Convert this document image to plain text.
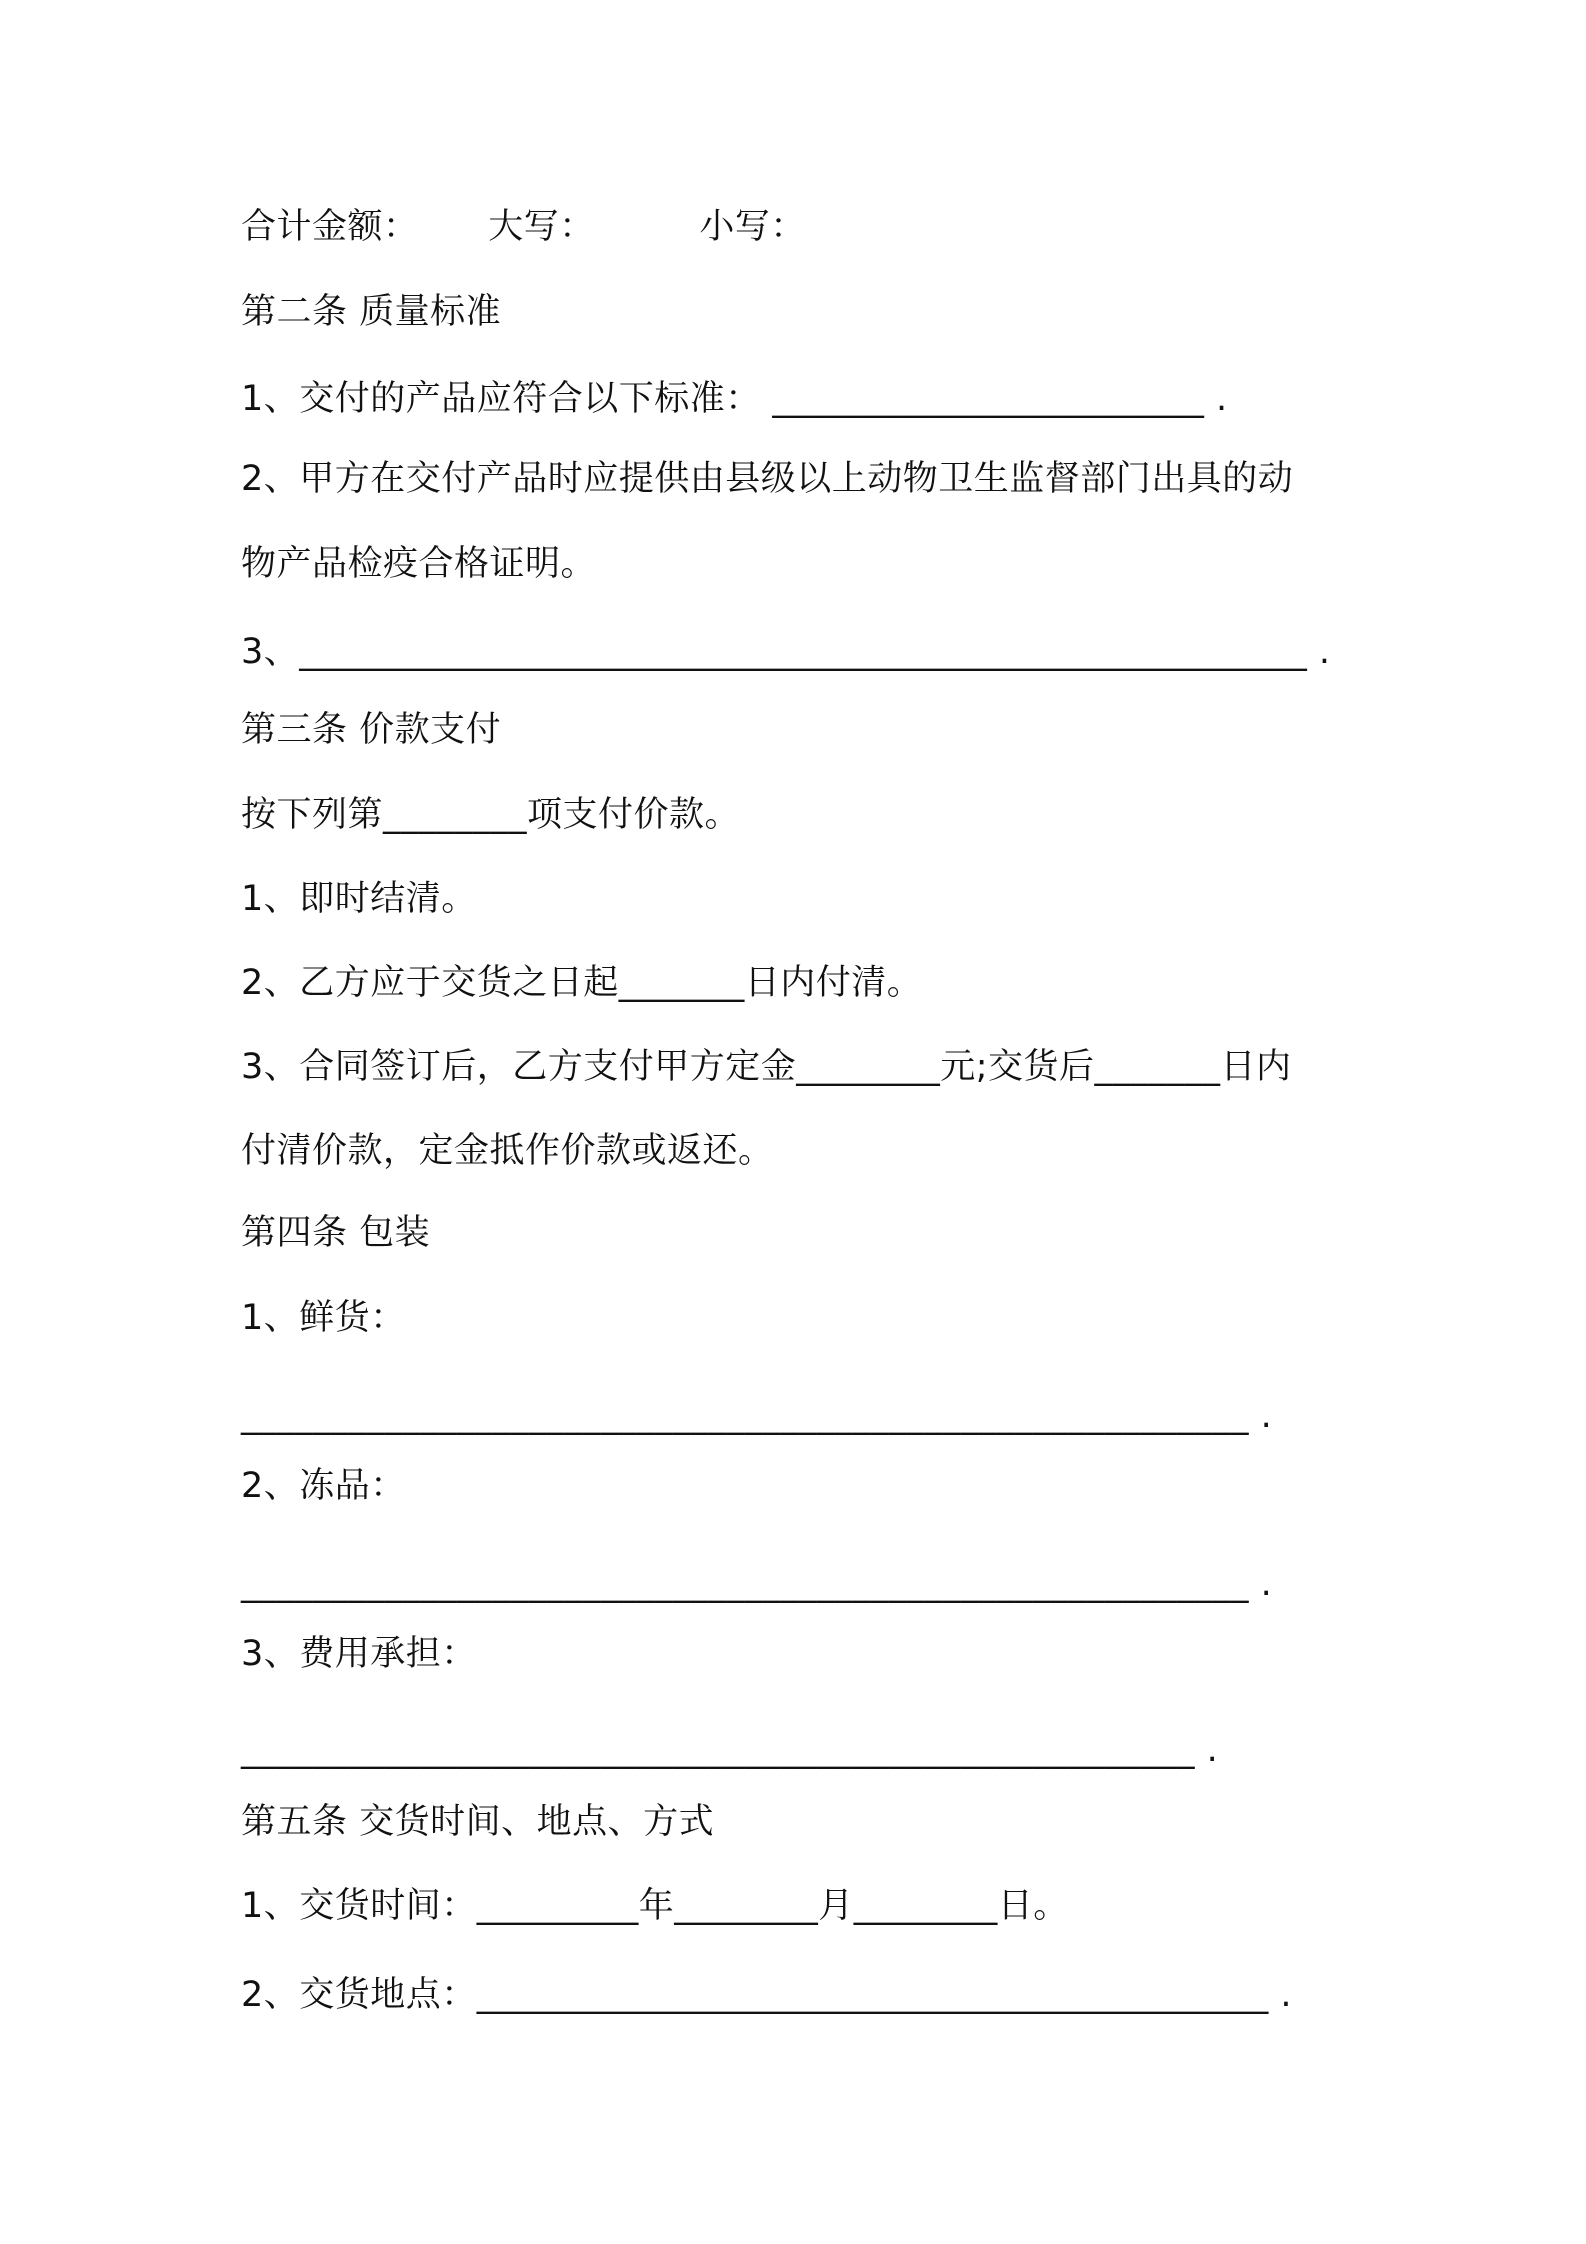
合计金额：      大写：         小写：
第二条 质量标准
1、交付的产品应符合以下标准： ________________________ .
2、甲方在交付产品时应提供由县级以上动物卫生监督部门出具的动
物产品检疫合格证明。
3、________________________________________________________ .
第三条 价款支付
按下列第________项支付价款。
1、即时结清。
2、乙方应于交货之日起_______日内付清。
3、合同签订后，乙方支付甲方定金________元;交货后_______日内
付清价款，定金抵作价款或返还。
第四条 包装
1、鲜货：
________________________________________________________ .
2、冻品：
________________________________________________________ .
3、费用承担：
_____________________________________________________ .
第五条 交货时间、地点、方式
1、交货时间：_________年________月________日。
2、交货地点：____________________________________________ .
